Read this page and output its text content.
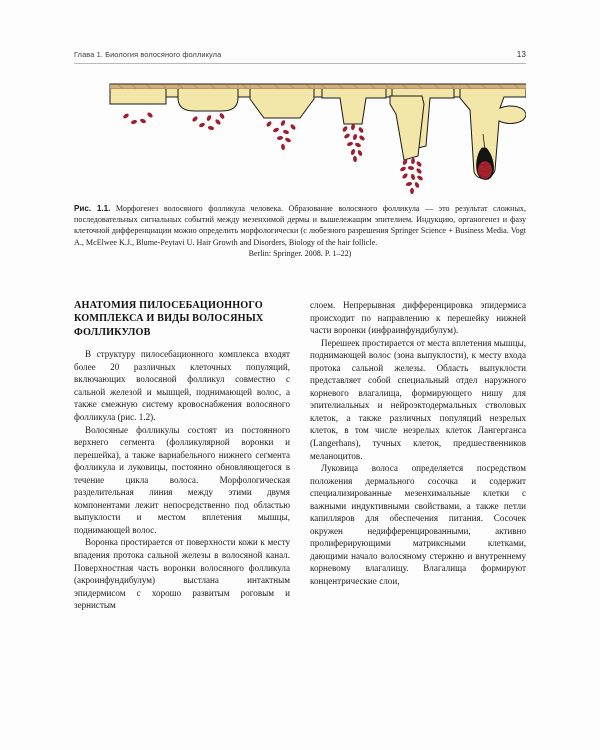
Глава 1. Биология волосяного фолликула	13
Рис. 1.1. Морфогенез волосяного фолликула человека. Образование волосяного фолликула — это результат сложных, последовательных сигнальных событий между мезенхимой дермы и вышележащим эпителием. Индукцию, органогенез и фазу клеточной дифференциации можно определить морфологически (с любезного разрешения Springer Science + Business Media. Vogt A., McElwee K.J., Blume-Peytavi U. Hair Growth and Disorders, Biology of the hair follicle.
Berlin: Springer. 2008. P. 1–22)
АНАТОМИЯ ПИЛОСЕБАЦИОННОГО КОМПЛЕКСА И ВИДЫ ВОЛОСЯНЫХ ФОЛЛИКУЛОВ

В структуру пилосебационного комплекса входят более 20 различных клеточных популяций, включающих волосяной фолликул совместно с сальной железой и мышцей, поднимающей волос, а также смежную систему кровоснабжения волосяного фолликула (рис. 1.2).

Волосяные фолликулы состоят из постоянного верхнего сегмента (фолликулярной воронки и перешейка), а также вариабельного нижнего сегмента фолликула и луковицы, постоянно обновляющегося в течение цикла волоса. Морфологическая разделительная линия между этими двумя компонентами лежит непосредственно под областью выпуклости и местом вплетения мышцы, поднимающей волос.

Воронка простирается от поверхности кожи к месту впадения протока сальной железы в волосяной канал. Поверхностная часть воронки волосяного фолликула (акроинфундибулум) выстлана интактным эпидермисом с хорошо развитым роговым и зернистым

слоем. Непрерывная дифференцировка эпидермиса происходит по направлению к перешейку нижней части воронки (инфраинфундибулум).

Перешеек простирается от места вплетения мышцы, поднимающей волос (зона выпуклости), к месту входа протока сальной железы. Область выпуклости представляет собой специальный отдел наружного корневого влагалища, формирующего нишу для эпителиальных и нейроэктодермальных стволовых клеток, а также различных популяций незрелых клеток, в том числе незрелых клеток Лангерганса (Langerhans), тучных клеток, предшественников меланоцитов.

Луковица волоса определяется посредством положения дермального сосочка и содержит специализированные мезенхимальные клетки с важными индуктивными свойствами, а также петли капилляров для обеспечения питания. Сосочек окружен недифференцированными, активно пролиферирующими матриксными клетками, дающими начало волосяному стержню и внутреннему корневому влагалищу. Влагалища формируют концентрические слои,
